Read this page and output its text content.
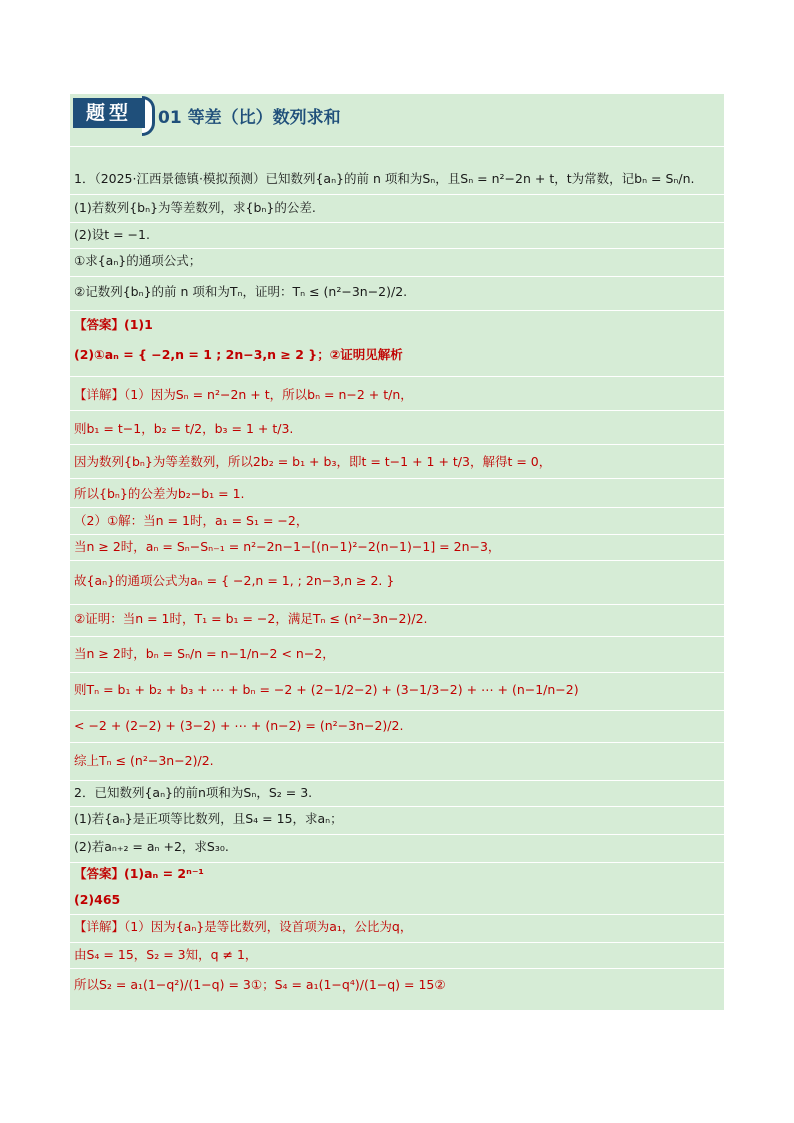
题型	01 等差（比）数列求和
1．（2025·江西景德镇·模拟预测）已知数列{aₙ}的前 n 项和为Sₙ，且Sₙ = n²−2n + t，t为常数，记bₙ = Sₙ/n.
(1)若数列{bₙ}为等差数列，求{bₙ}的公差.
(2)设t = −1.
①求{aₙ}的通项公式；
②记数列{bₙ}的前 n 项和为Tₙ，证明：Tₙ ≤ (n²−3n−2)/2.
【答案】(1)1
(2)①aₙ = { −2,n = 1 ; 2n−3,n ≥ 2 }；②证明见解析
【详解】（1）因为Sₙ = n²−2n + t，所以bₙ = n−2 + t/n，
则b₁ = t−1，b₂ = t/2，b₃ = 1 + t/3.
因为数列{bₙ}为等差数列，所以2b₂ = b₁ + b₃，即t = t−1 + 1 + t/3，解得t = 0，
所以{bₙ}的公差为b₂−b₁ = 1.
（2）①解：当n = 1时，a₁ = S₁ = −2，
当n ≥ 2时，aₙ = Sₙ−Sₙ₋₁ = n²−2n−1−[(n−1)²−2(n−1)−1] = 2n−3，
故{aₙ}的通项公式为aₙ = { −2,n = 1, ; 2n−3,n ≥ 2. }
②证明：当n = 1时，T₁ = b₁ = −2，满足Tₙ ≤ (n²−3n−2)/2.
当n ≥ 2时，bₙ = Sₙ/n = n−1/n−2 < n−2，
则Tₙ = b₁ + b₂ + b₃ + ⋯ + bₙ = −2 + (2−1/2−2) + (3−1/3−2) + ⋯ + (n−1/n−2)
< −2 + (2−2) + (3−2) + ⋯ + (n−2) = (n²−3n−2)/2.
综上Tₙ ≤ (n²−3n−2)/2.
2．已知数列{aₙ}的前n项和为Sₙ，S₂ = 3.
(1)若{aₙ}是正项等比数列，且S₄ = 15，求aₙ；
(2)若aₙ₊₂ = aₙ +2，求S₃₀.
【答案】(1)aₙ = 2ⁿ⁻¹
(2)465
【详解】（1）因为{aₙ}是等比数列，设首项为a₁，公比为q，
由S₄ = 15，S₂ = 3知，q ≠ 1，
所以S₂ = a₁(1−q²)/(1−q) = 3①；S₄ = a₁(1−q⁴)/(1−q) = 15②
